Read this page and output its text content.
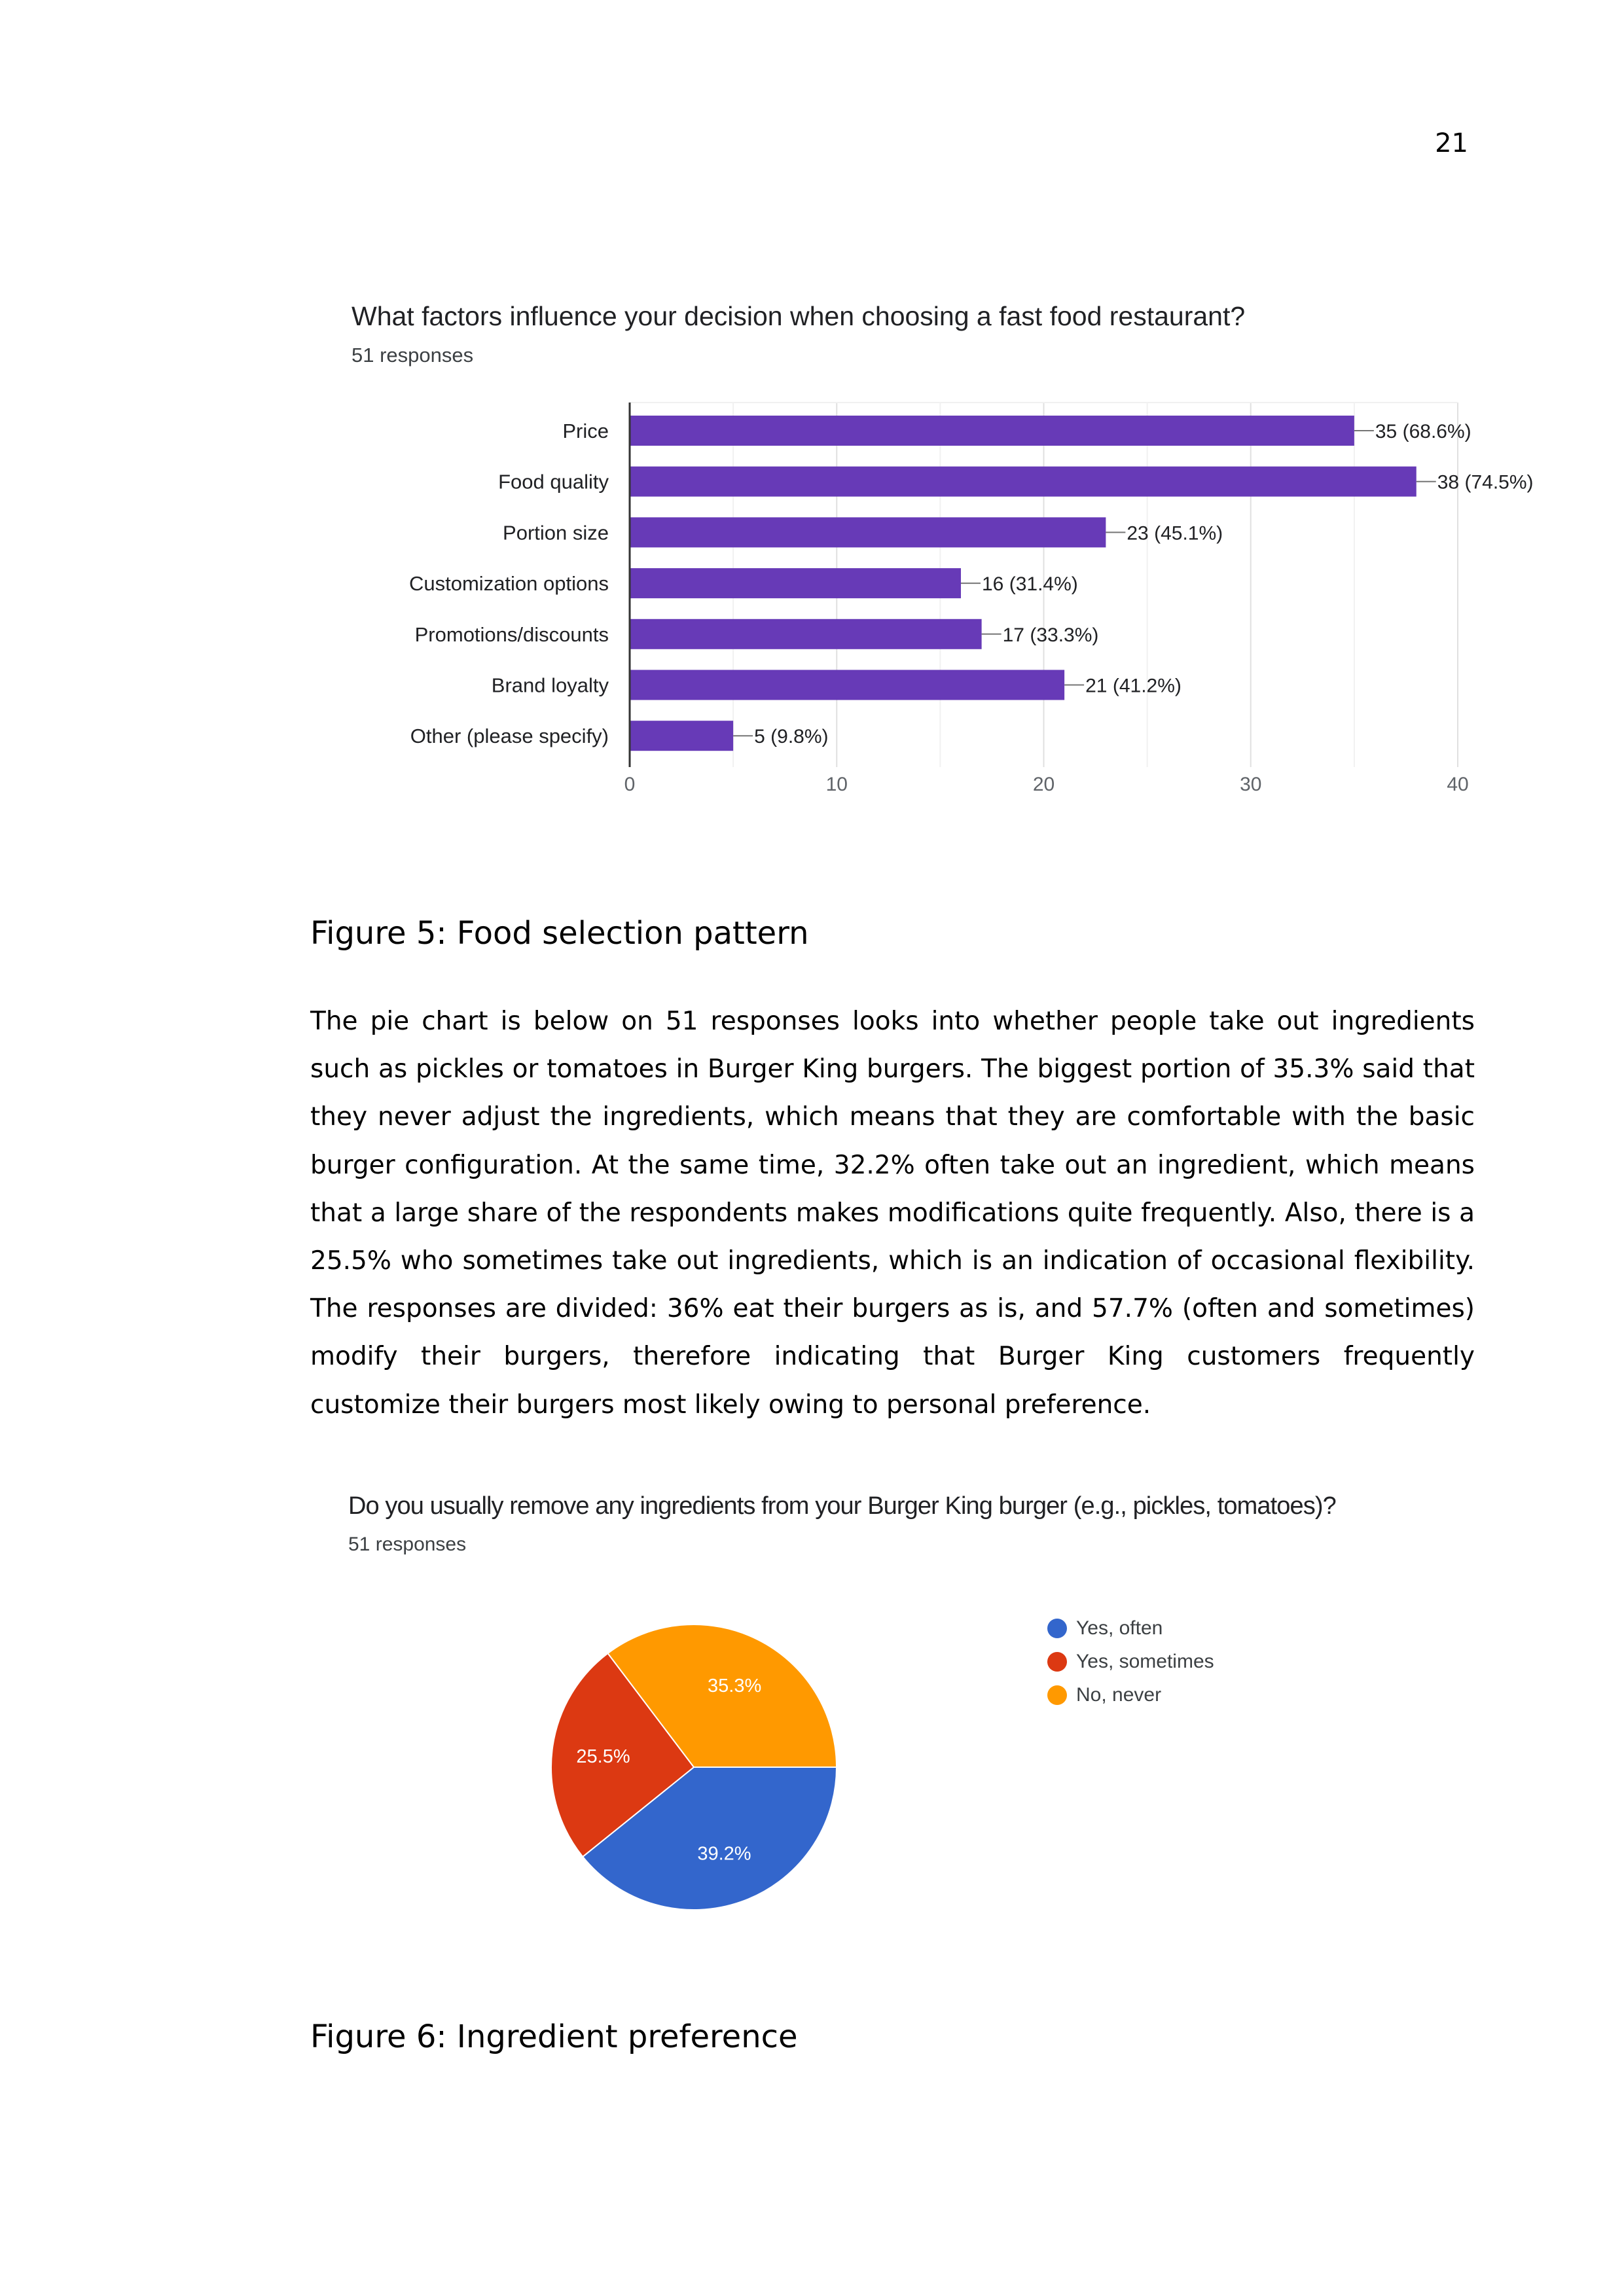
21
What factors influence your decision when choosing a fast food restaurant?
51 responses
Price	35 (68.6%)
Food quality	38 (74.5%)
Portion size	23 (45.1%)
Customization options	16 (31.4%)
Promotions/discounts	17 (33.3%)
Brand loyalty	21 (41.2%)
Other (please specify)	5 (9.8%)
0	10	20	30	40
Figure 5: Food selection pattern
The pie chart is below on 51 responses looks into whether people take out ingredients such as pickles or tomatoes in Burger King burgers. The biggest portion of 35.3% said that they never adjust the ingredients, which means that they are comfortable with the basic burger configuration. At the same time, 32.2% often take out an ingredient, which means that a large share of the respondents makes modifications quite frequently. Also, there is a 25.5% who sometimes take out ingredients, which is an indication of occasional flexibility. The responses are divided: 36% eat their burgers as is, and 57.7% (often and sometimes) modify their burgers, therefore indicating that Burger King customers frequently customize their burgers most likely owing to personal preference.
Do you usually remove any ingredients from your Burger King burger (e.g., pickles, tomatoes)?
51 responses
39.2%
25.5%
35.3%
Yes, often
Yes, sometimes
No, never
Figure 6: Ingredient preference
